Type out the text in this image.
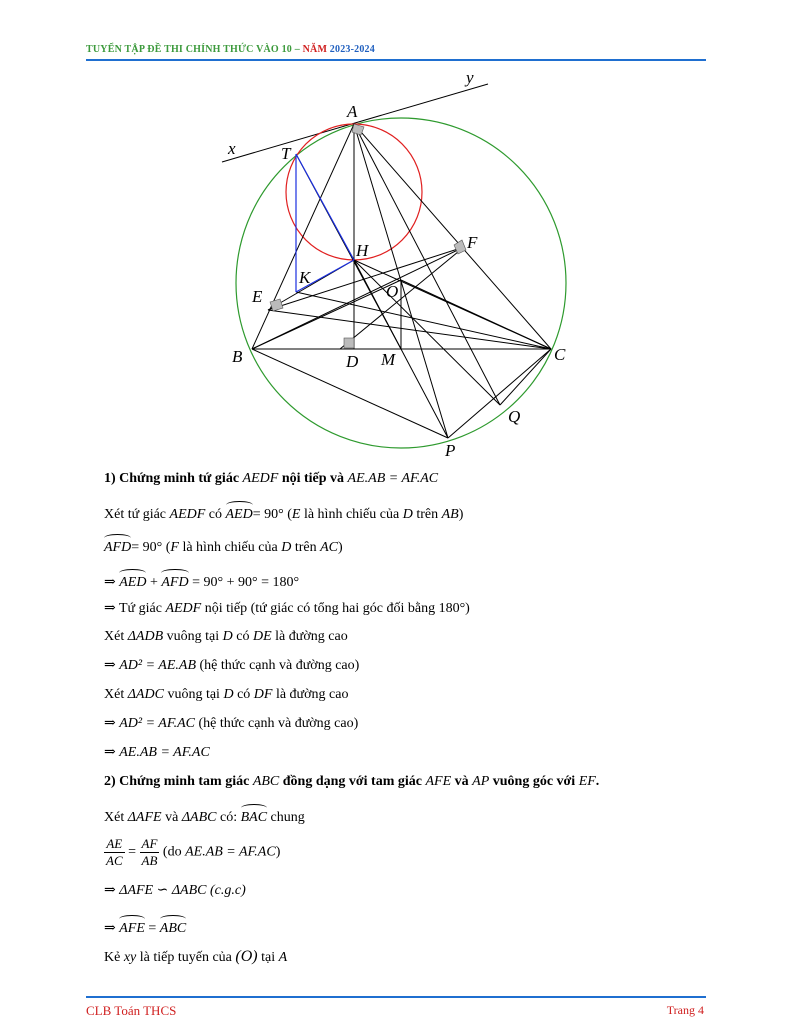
TUYỂN TẬP ĐỀ THI CHÍNH THỨC VÀO 10 – NĂM 2023-2024
y
x
A
T
H	F
K
O
E
B	D M	C
Q
P
1) Chứng minh tứ giác AEDF nội tiếp và AE.AB = AF.AC
Xét tứ giác AEDF có AED= 90° (E là hình chiếu của D trên AB)
AFD= 90° (F là hình chiếu của D trên AC)
⇒ AED + AFD = 90° + 90° = 180°
⇒ Tứ giác AEDF nội tiếp (tứ giác có tổng hai góc đối bằng 180°)
Xét ΔADB vuông tại D có DE là đường cao
⇒ AD² = AE.AB (hệ thức cạnh và đường cao)
Xét ΔADC vuông tại D có DF là đường cao
⇒ AD² = AF.AC (hệ thức cạnh và đường cao)
⇒ AE.AB = AF.AC
2) Chứng minh tam giác ABC đồng dạng với tam giác AFE và AP vuông góc với EF.
Xét ΔAFE và ΔABC có: BAC chung
$\frac{AE}{AC} = \frac{AF}{AB} (do$ AE.AB = AF.AC)
⇒ ΔAFE ∽ ΔABC (c.g.c)
⇒ AFE = ABC
Kẻ xy là tiếp tuyến của (O) tại A
CLB Toán THCS	Trang 4
